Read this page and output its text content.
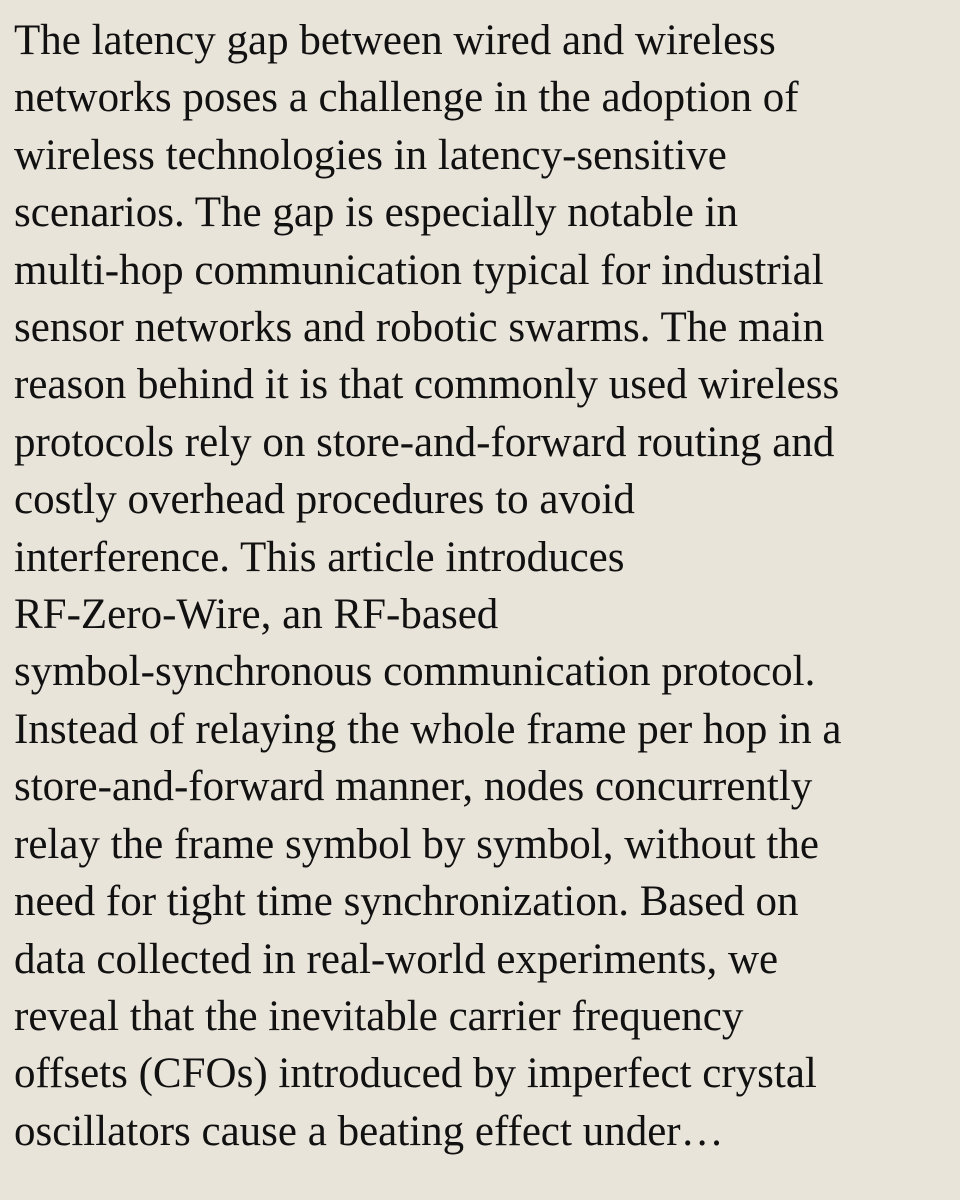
The latency gap between wired and wireless
networks poses a challenge in the adoption of
wireless technologies in latency-sensitive
scenarios. The gap is especially notable in
multi-hop communication typical for industrial
sensor networks and robotic swarms. The main
reason behind it is that commonly used wireless
protocols rely on store-and-forward routing and
costly overhead procedures to avoid
interference. This article introduces
RF-Zero-Wire, an RF-based
symbol-synchronous communication protocol.
Instead of relaying the whole frame per hop in a
store-and-forward manner, nodes concurrently
relay the frame symbol by symbol, without the
need for tight time synchronization. Based on
data collected in real-world experiments, we
reveal that the inevitable carrier frequency
offsets (CFOs) introduced by imperfect crystal
oscillators cause a beating effect under…
